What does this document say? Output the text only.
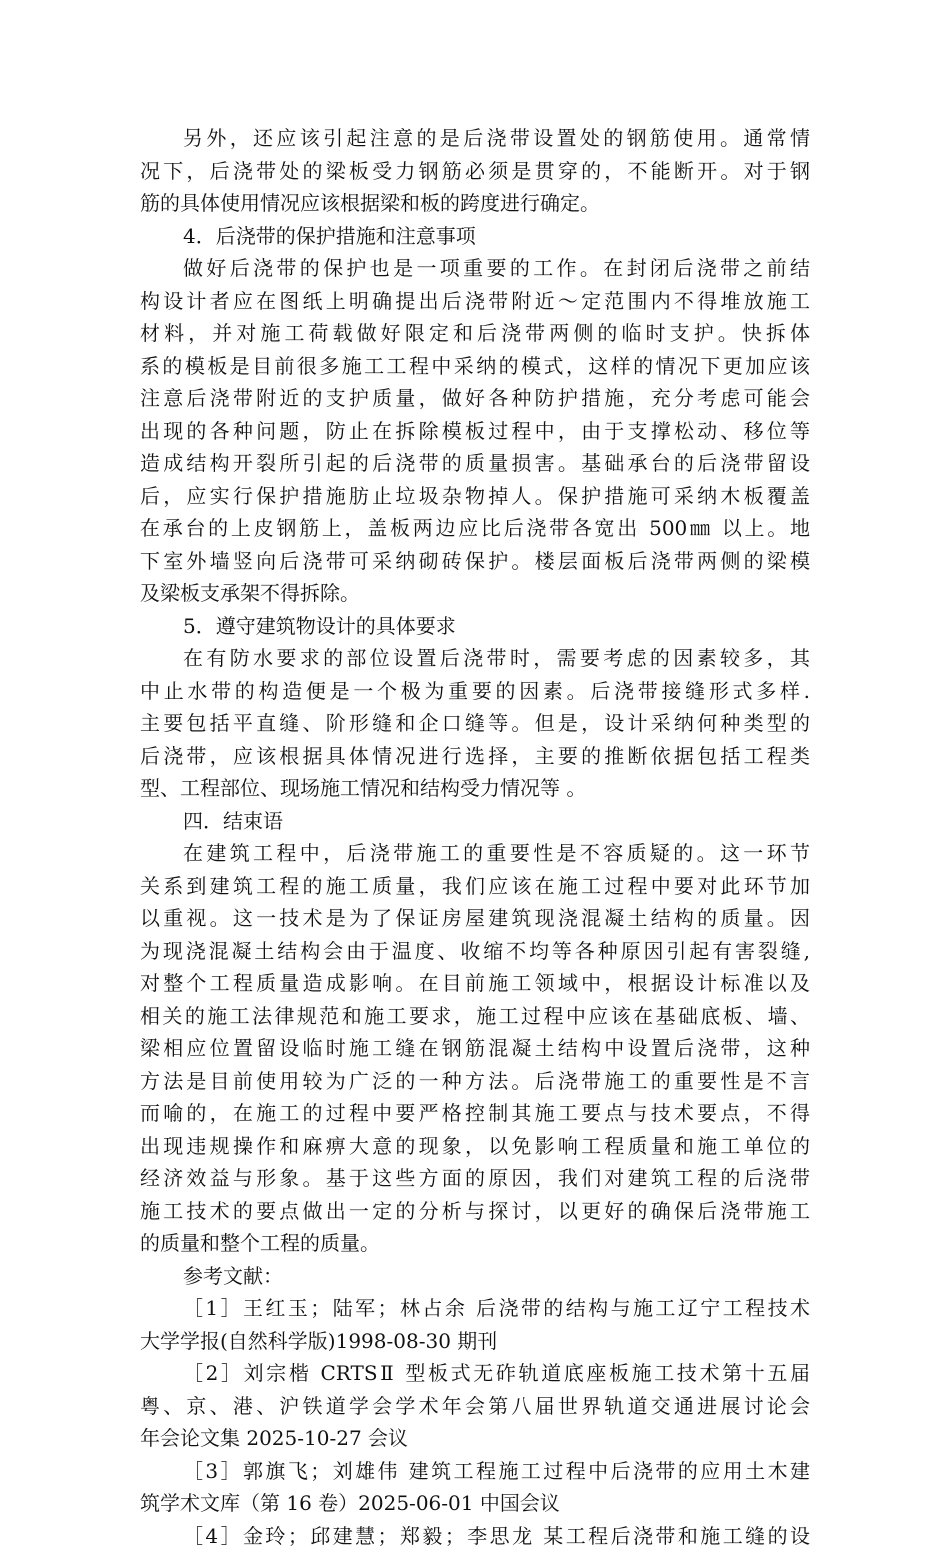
另外，还应该引起注意的是后浇带设置处的钢筋使用。通常情
况下，后浇带处的梁板受力钢筋必须是贯穿的，不能断开。对于钢
筋的具体使用情况应该根据梁和板的跨度进行确定。
4．后浇带的保护措施和注意事项
做好后浇带的保护也是一项重要的工作。在封闭后浇带之前结
构设计者应在图纸上明确提出后浇带附近～定范围内不得堆放施工
材料，并对施工荷载做好限定和后浇带两侧的临时支护。快拆体
系的模板是目前很多施工工程中采纳的模式，这样的情况下更加应该
注意后浇带附近的支护质量，做好各种防护措施，充分考虑可能会
出现的各种问题，防止在拆除模板过程中，由于支撑松动、移位等
造成结构开裂所引起的后浇带的质量损害。基础承台的后浇带留设
后，应实行保护措施肪止垃圾杂物掉人。保护措施可采纳木板覆盖
在承台的上皮钢筋上，盖板两边应比后浇带各宽出 500㎜ 以上。地
下室外墙竖向后浇带可采纳砌砖保护。楼层面板后浇带两侧的梁模
及梁板支承架不得拆除。
5．遵守建筑物设计的具体要求
在有防水要求的部位设置后浇带时，需要考虑的因素较多，其
中止水带的构造便是一个极为重要的因素。后浇带接缝形式多样.
主要包括平直缝、阶形缝和企口缝等。但是，设计采纳何种类型的
后浇带，应该根据具体情况进行选择，主要的推断依据包括工程类
型、工程部位、现场施工情况和结构受力情况等 。
四．结束语
在建筑工程中，后浇带施工的重要性是不容质疑的。这一环节
关系到建筑工程的施工质量，我们应该在施工过程中要对此环节加
以重视。这一技术是为了保证房屋建筑现浇混凝土结构的质量。因
为现浇混凝土结构会由于温度、收缩不均等各种原因引起有害裂缝,
对整个工程质量造成影响。在目前施工领域中，根据设计标准以及
相关的施工法律规范和施工要求，施工过程中应该在基础底板、墙、
梁相应位置留设临时施工缝在钢筋混凝土结构中设置后浇带，这种
方法是目前使用较为广泛的一种方法。后浇带施工的重要性是不言
而喻的，在施工的过程中要严格控制其施工要点与技术要点，不得
出现违规操作和麻痹大意的现象，以免影响工程质量和施工单位的
经济效益与形象。基于这些方面的原因，我们对建筑工程的后浇带
施工技术的要点做出一定的分析与探讨，以更好的确保后浇带施工
的质量和整个工程的质量。
参考文献：
［1］王红玉；陆军；林占余 后浇带的结构与施工辽宁工程技术
大学学报(自然科学版)1998-08-30 期刊
［2］刘宗楷 CRTSⅡ 型板式无砟轨道底座板施工技术第十五届
粤、京、港、沪铁道学会学术年会第八届世界轨道交通进展讨论会
年会论文集 2025-10-27 会议
［3］郭旗飞；刘雄伟 建筑工程施工过程中后浇带的应用土木建
筑学术文库（第 16 卷）2025-06-01 中国会议
［4］金玲；邱建慧；郑毅；李思龙 某工程后浇带和施工缝的设
